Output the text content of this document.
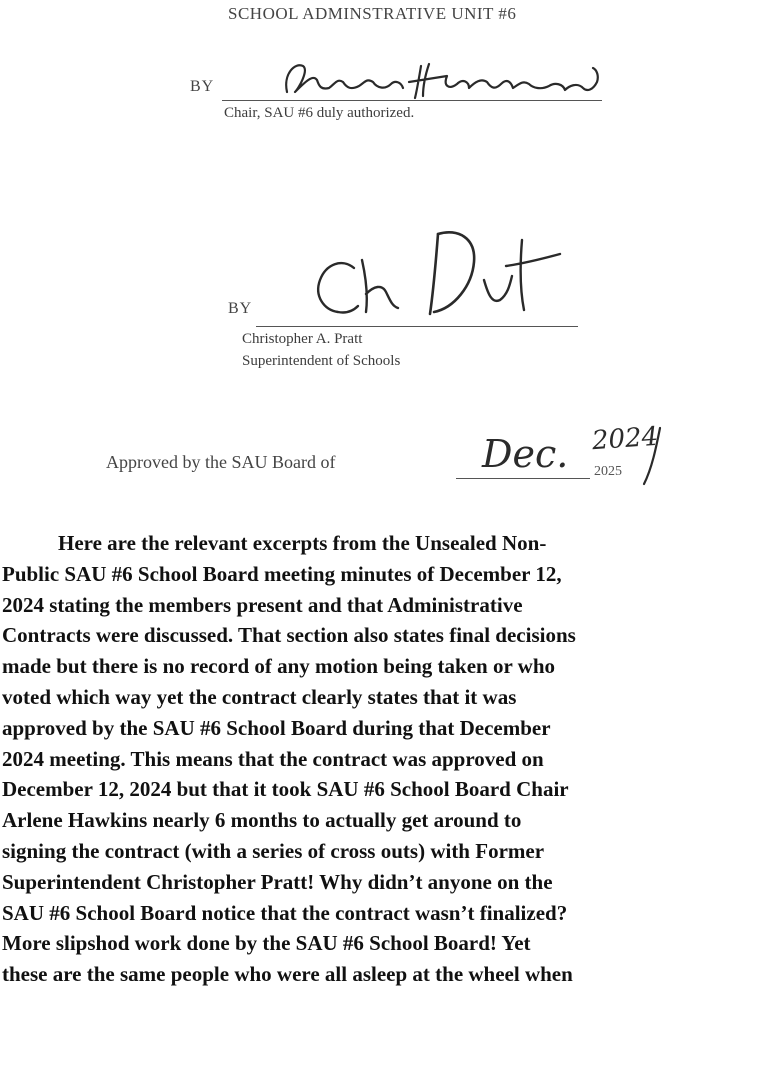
SCHOOL ADMINSTRATIVE UNIT #6
BY
Chair, SAU #6 duly authorized.
BY
Christopher A. Pratt
Superintendent of Schools
Approved by the SAU Board of	Dec. 2024
2025
Here are the relevant excerpts from the Unsealed Non-
Public SAU #6 School Board meeting minutes of December 12,
2024 stating the members present and that Administrative
Contracts were discussed. That section also states final decisions
made but there is no record of any motion being taken or who
voted which way yet the contract clearly states that it was
approved by the SAU #6 School Board during that December
2024 meeting. This means that the contract was approved on
December 12, 2024 but that it took SAU #6 School Board Chair
Arlene Hawkins nearly 6 months to actually get around to
signing the contract (with a series of cross outs) with Former
Superintendent Christopher Pratt! Why didn’t anyone on the
SAU #6 School Board notice that the contract wasn’t finalized?
More slipshod work done by the SAU #6 School Board! Yet
these are the same people who were all asleep at the wheel when
